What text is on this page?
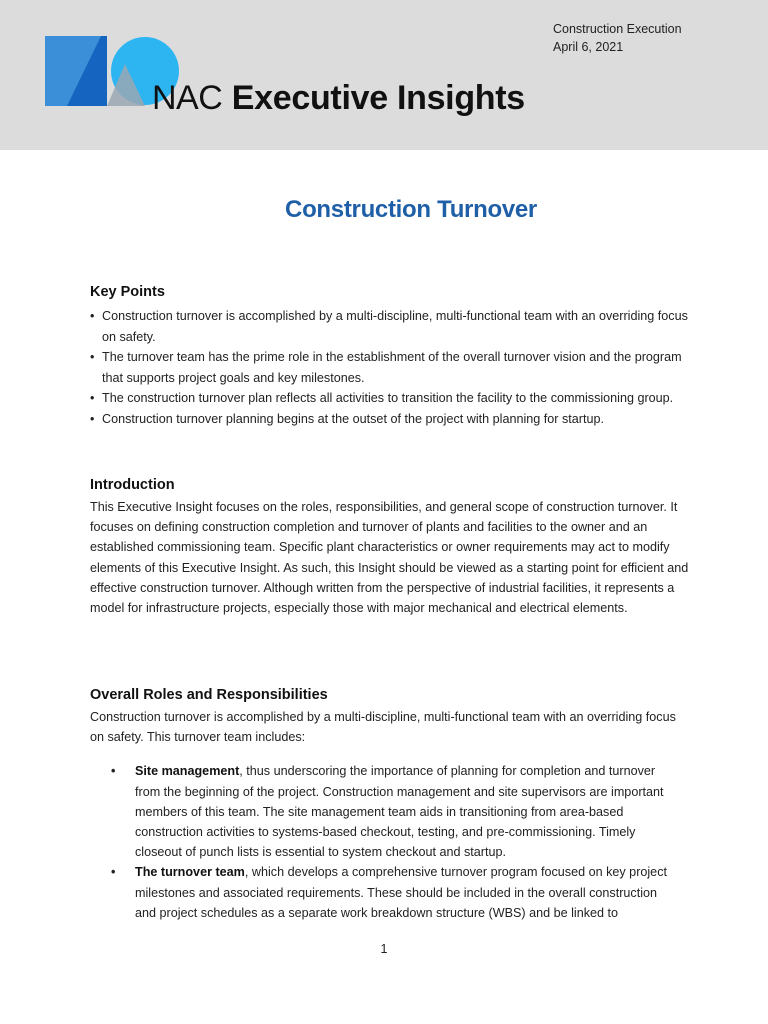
NAC Executive Insights
Construction Execution
April 6, 2021
Construction Turnover
Key Points
• Construction turnover is accomplished by a multi-discipline, multi-functional team with an overriding focus on safety.
• The turnover team has the prime role in the establishment of the overall turnover vision and the program that supports project goals and key milestones.
• The construction turnover plan reflects all activities to transition the facility to the commissioning group.
• Construction turnover planning begins at the outset of the project with planning for startup.
Introduction

This Executive Insight focuses on the roles, responsibilities, and general scope of construction turnover. It focuses on defining construction completion and turnover of plants and facilities to the owner and an established commissioning team. Specific plant characteristics or owner requirements may act to modify elements of this Executive Insight. As such, this Insight should be viewed as a starting point for efficient and effective construction turnover. Although written from the perspective of industrial facilities, it represents a model for infrastructure projects, especially those with major mechanical and electrical elements.

Overall Roles and Responsibilities

Construction turnover is accomplished by a multi-discipline, multi-functional team with an overriding focus on safety. This turnover team includes:

• Site management, thus underscoring the importance of planning for completion and turnover from the beginning of the project. Construction management and site supervisors are important members of this team. The site management team aids in transitioning from area-based construction activities to systems-based checkout, testing, and pre-commissioning. Timely closeout of punch lists is essential to system checkout and startup.
• The turnover team, which develops a comprehensive turnover program focused on key project milestones and associated requirements. These should be included in the overall construction and project schedules as a separate work breakdown structure (WBS) and be linked to
1
